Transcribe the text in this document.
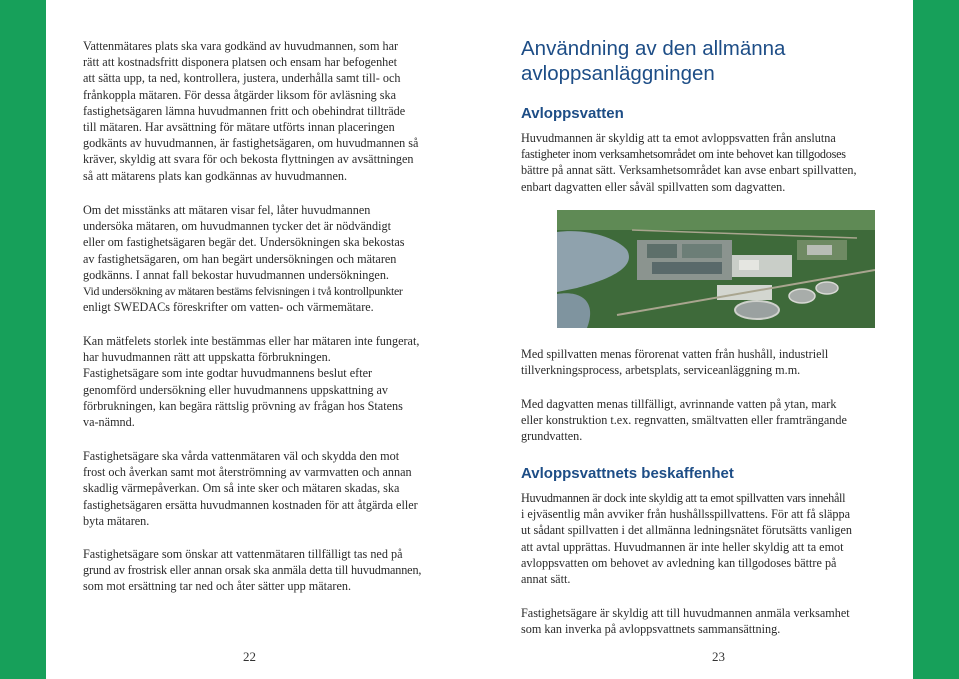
Vattenmätares plats ska vara godkänd av huvudmannen, som har
rätt att kostnadsfritt disponera platsen och ensam har befogenhet
att sätta upp, ta ned, kontrollera, justera, underhålla samt till- och
frånkoppla mätaren. För dessa åtgärder liksom för avläsning ska
fastighetsägaren lämna huvudmannen fritt och obehindrat tillträde
till mätaren. Har avsättning för mätare utförts innan placeringen
godkänts av huvudmannen, är fastighetsägaren, om huvudmannen så
kräver, skyldig att svara för och bekosta flyttningen av avsättningen
så att mätarens plats kan godkännas av huvudmannen.

Om det misstänks att mätaren visar fel, låter huvudmannen
undersöka mätaren, om huvudmannen tycker det är nödvändigt
eller om fastighetsägaren begär det. Undersökningen ska bekostas
av fastighetsägaren, om han begärt undersökningen och mätaren
godkänns. I annat fall bekostar huvudmannen undersökningen.
Vid undersökning av mätaren bestäms felvisningen i två kontrollpunkter
enligt SWEDACs föreskrifter om vatten- och värmemätare.

Kan mätfelets storlek inte bestämmas eller har mätaren inte fungerat,
har huvudmannen rätt att uppskatta förbrukningen.
Fastighetsägare som inte godtar huvudmannens beslut efter
genomförd undersökning eller huvudmannens uppskattning av
förbrukningen, kan begära rättslig prövning av frågan hos Statens
va-nämnd.

Fastighetsägare ska vårda vattenmätaren väl och skydda den mot
frost och åverkan samt mot återströmning av varmvatten och annan
skadlig värmepåverkan. Om så inte sker och mätaren skadas, ska
fastighetsägaren ersätta huvudmannen kostnaden för att åtgärda eller
byta mätaren.

Fastighetsägare som önskar att vattenmätaren tillfälligt tas ned på
grund av frostrisk eller annan orsak ska anmäla detta till huvudmannen,
som mot ersättning tar ned och åter sätter upp mätaren.

22
Användning av den allmänna
avloppsanläggningen
Avloppsvatten

Huvudmannen är skyldig att ta emot avloppsvatten från anslutna
fastigheter inom verksamhetsområdet om inte behovet kan tillgodoses
bättre på annat sätt. Verksamhetsområdet kan avse enbart spillvatten,
enbart dagvatten eller såväl spillvatten som dagvatten.

Med spillvatten menas förorenat vatten från hushåll, industriell
tillverkningsprocess, arbetsplats, serviceanläggning m.m.

Med dagvatten menas tillfälligt, avrinnande vatten på ytan, mark
eller konstruktion t.ex. regnvatten, smältvatten eller framträngande
grundvatten.

Avloppsvattnets beskaffenhet

Huvudmannen är dock inte skyldig att ta emot spillvatten vars innehåll
i ejväsentlig mån avviker från hushållsspillvattens. För att få släppa
ut sådant spillvatten i det allmänna ledningsnätet förutsätts vanligen
att avtal upprättas. Huvudmannen är inte heller skyldig att ta emot
avloppsvatten om behovet av avledning kan tillgodoses bättre på
annat sätt.

Fastighetsägare är skyldig att till huvudmannen anmäla verksamhet
som kan inverka på avloppsvattnets sammansättning.

23
